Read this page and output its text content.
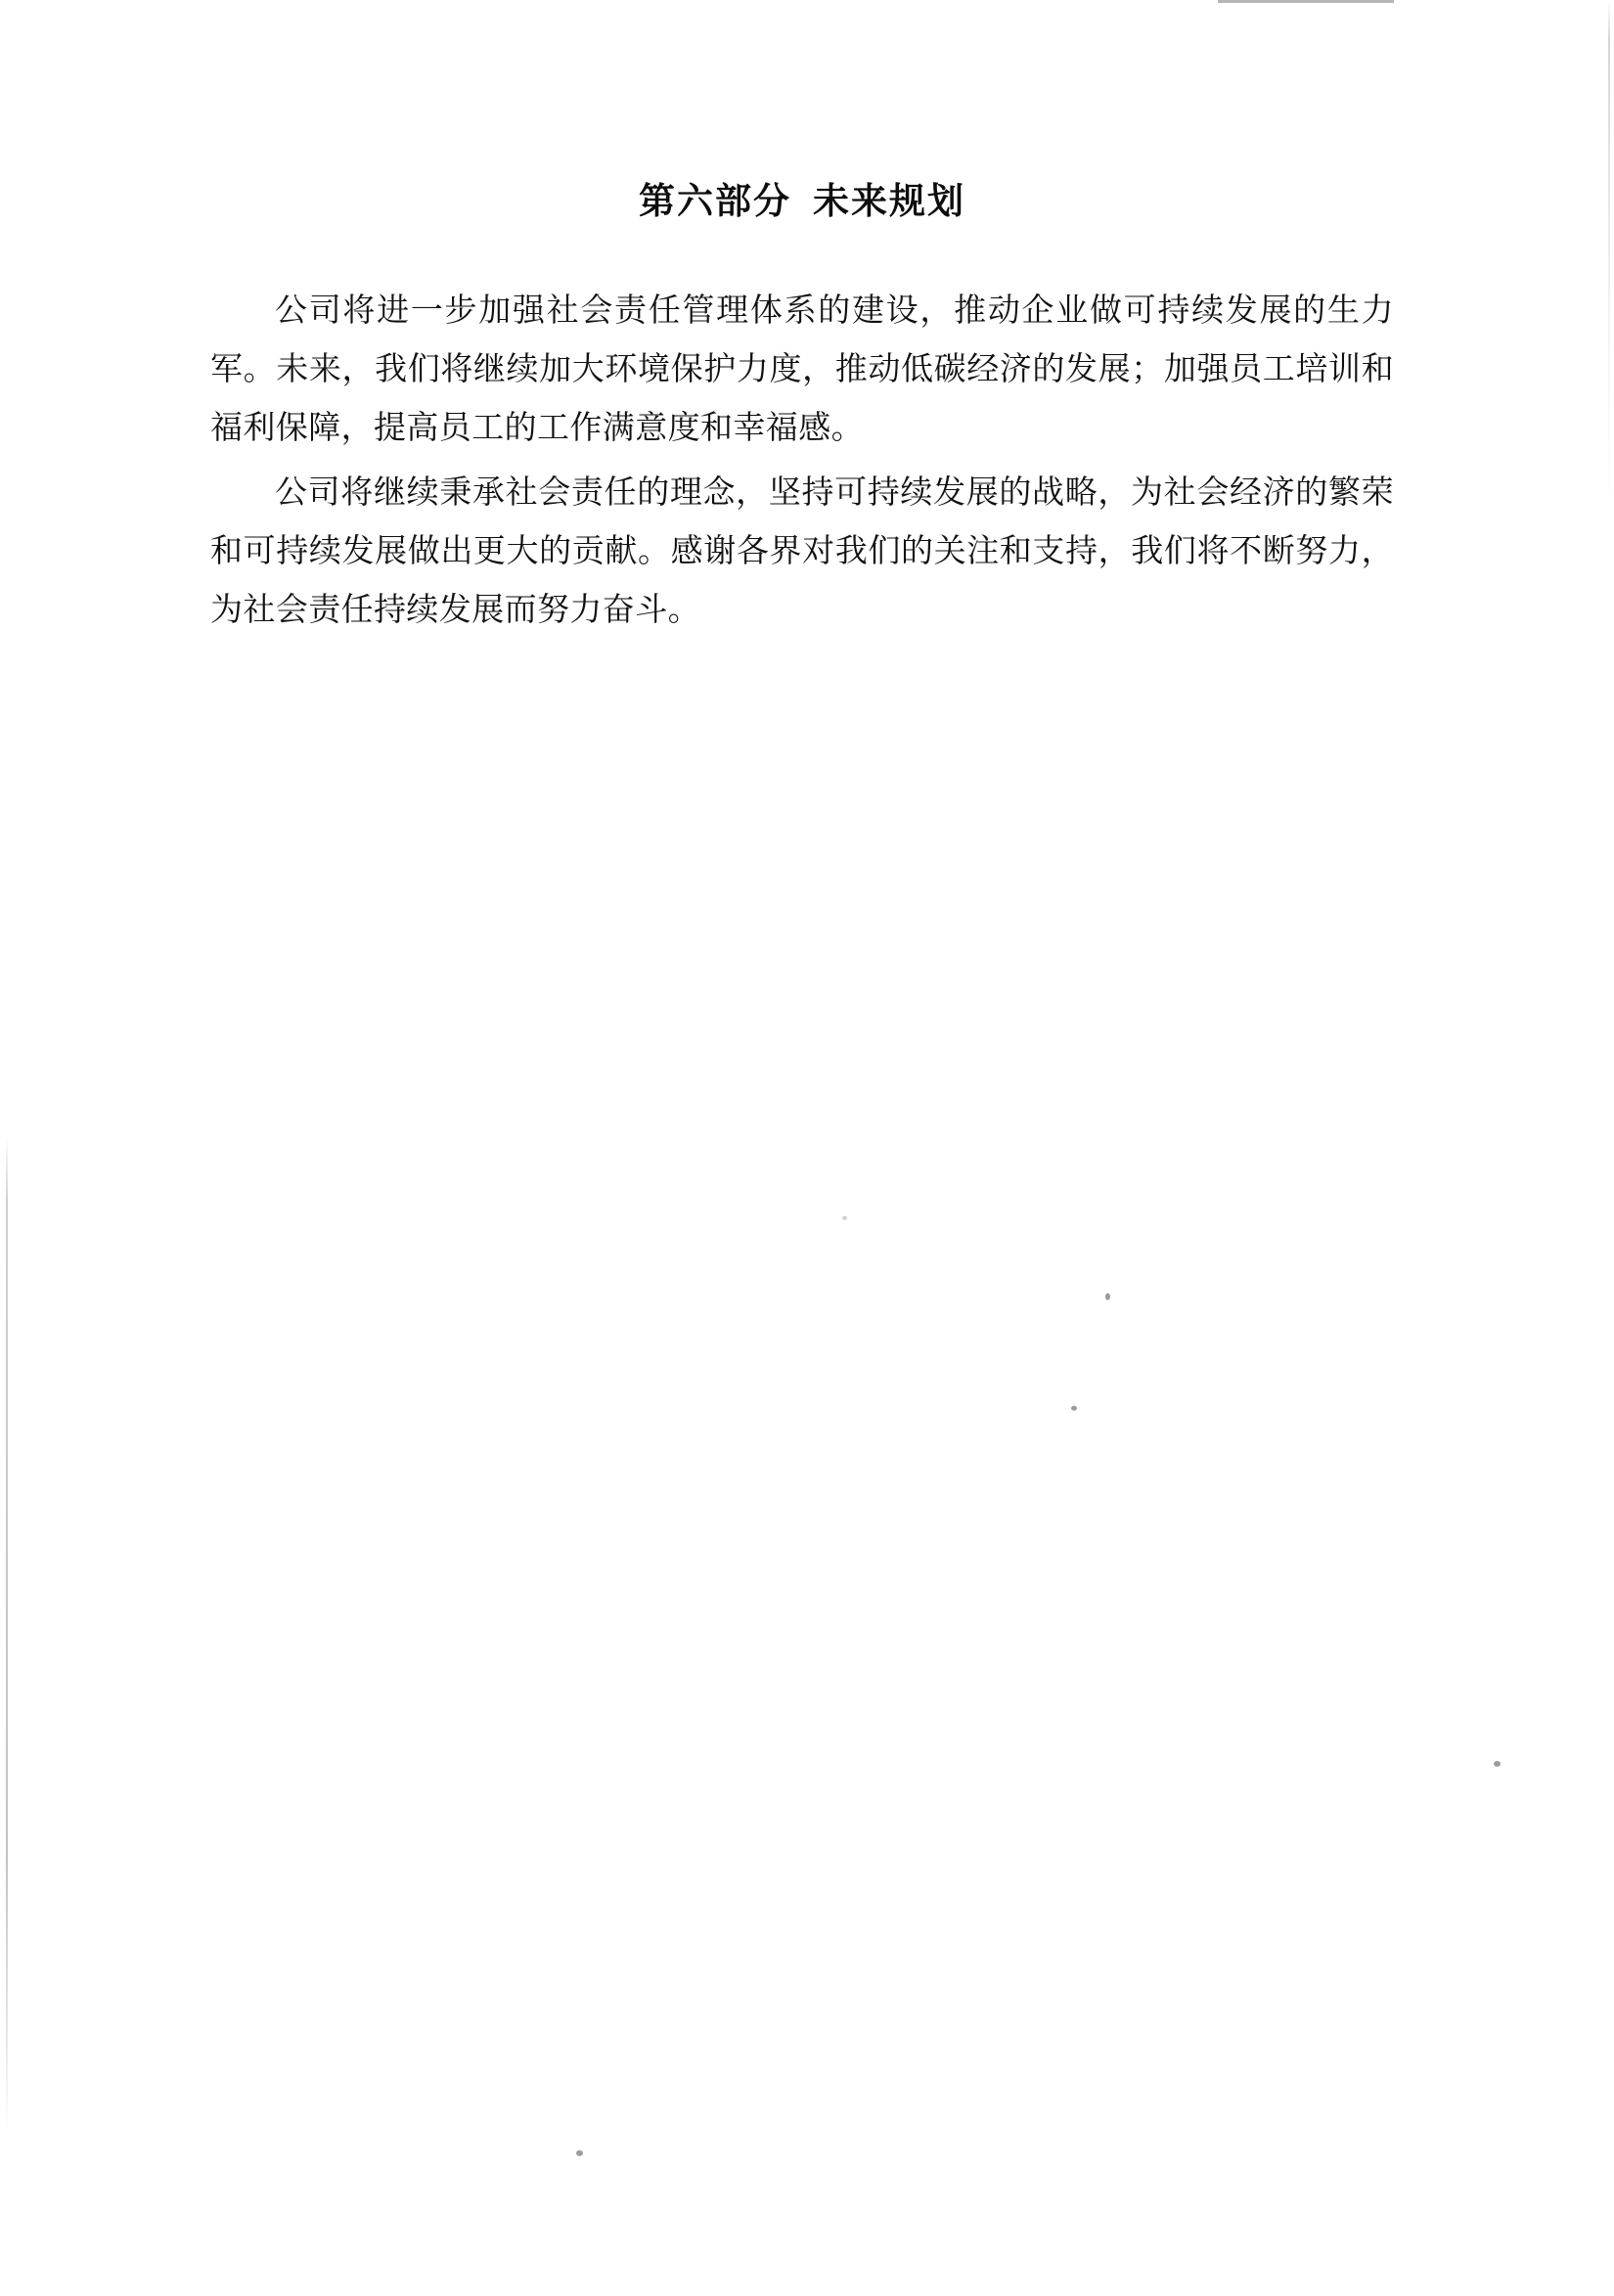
第六部分 未来规划

公司将进一步加强社会责任管理体系的建设，推动企业做可持续发展的生力军。未来，我们将继续加大环境保护力度，推动低碳经济的发展；加强员工培训和福利保障，提高员工的工作满意度和幸福感。

公司将继续秉承社会责任的理念，坚持可持续发展的战略，为社会经济的繁荣和可持续发展做出更大的贡献。感谢各界对我们的关注和支持，我们将不断努力，为社会责任持续发展而努力奋斗。
